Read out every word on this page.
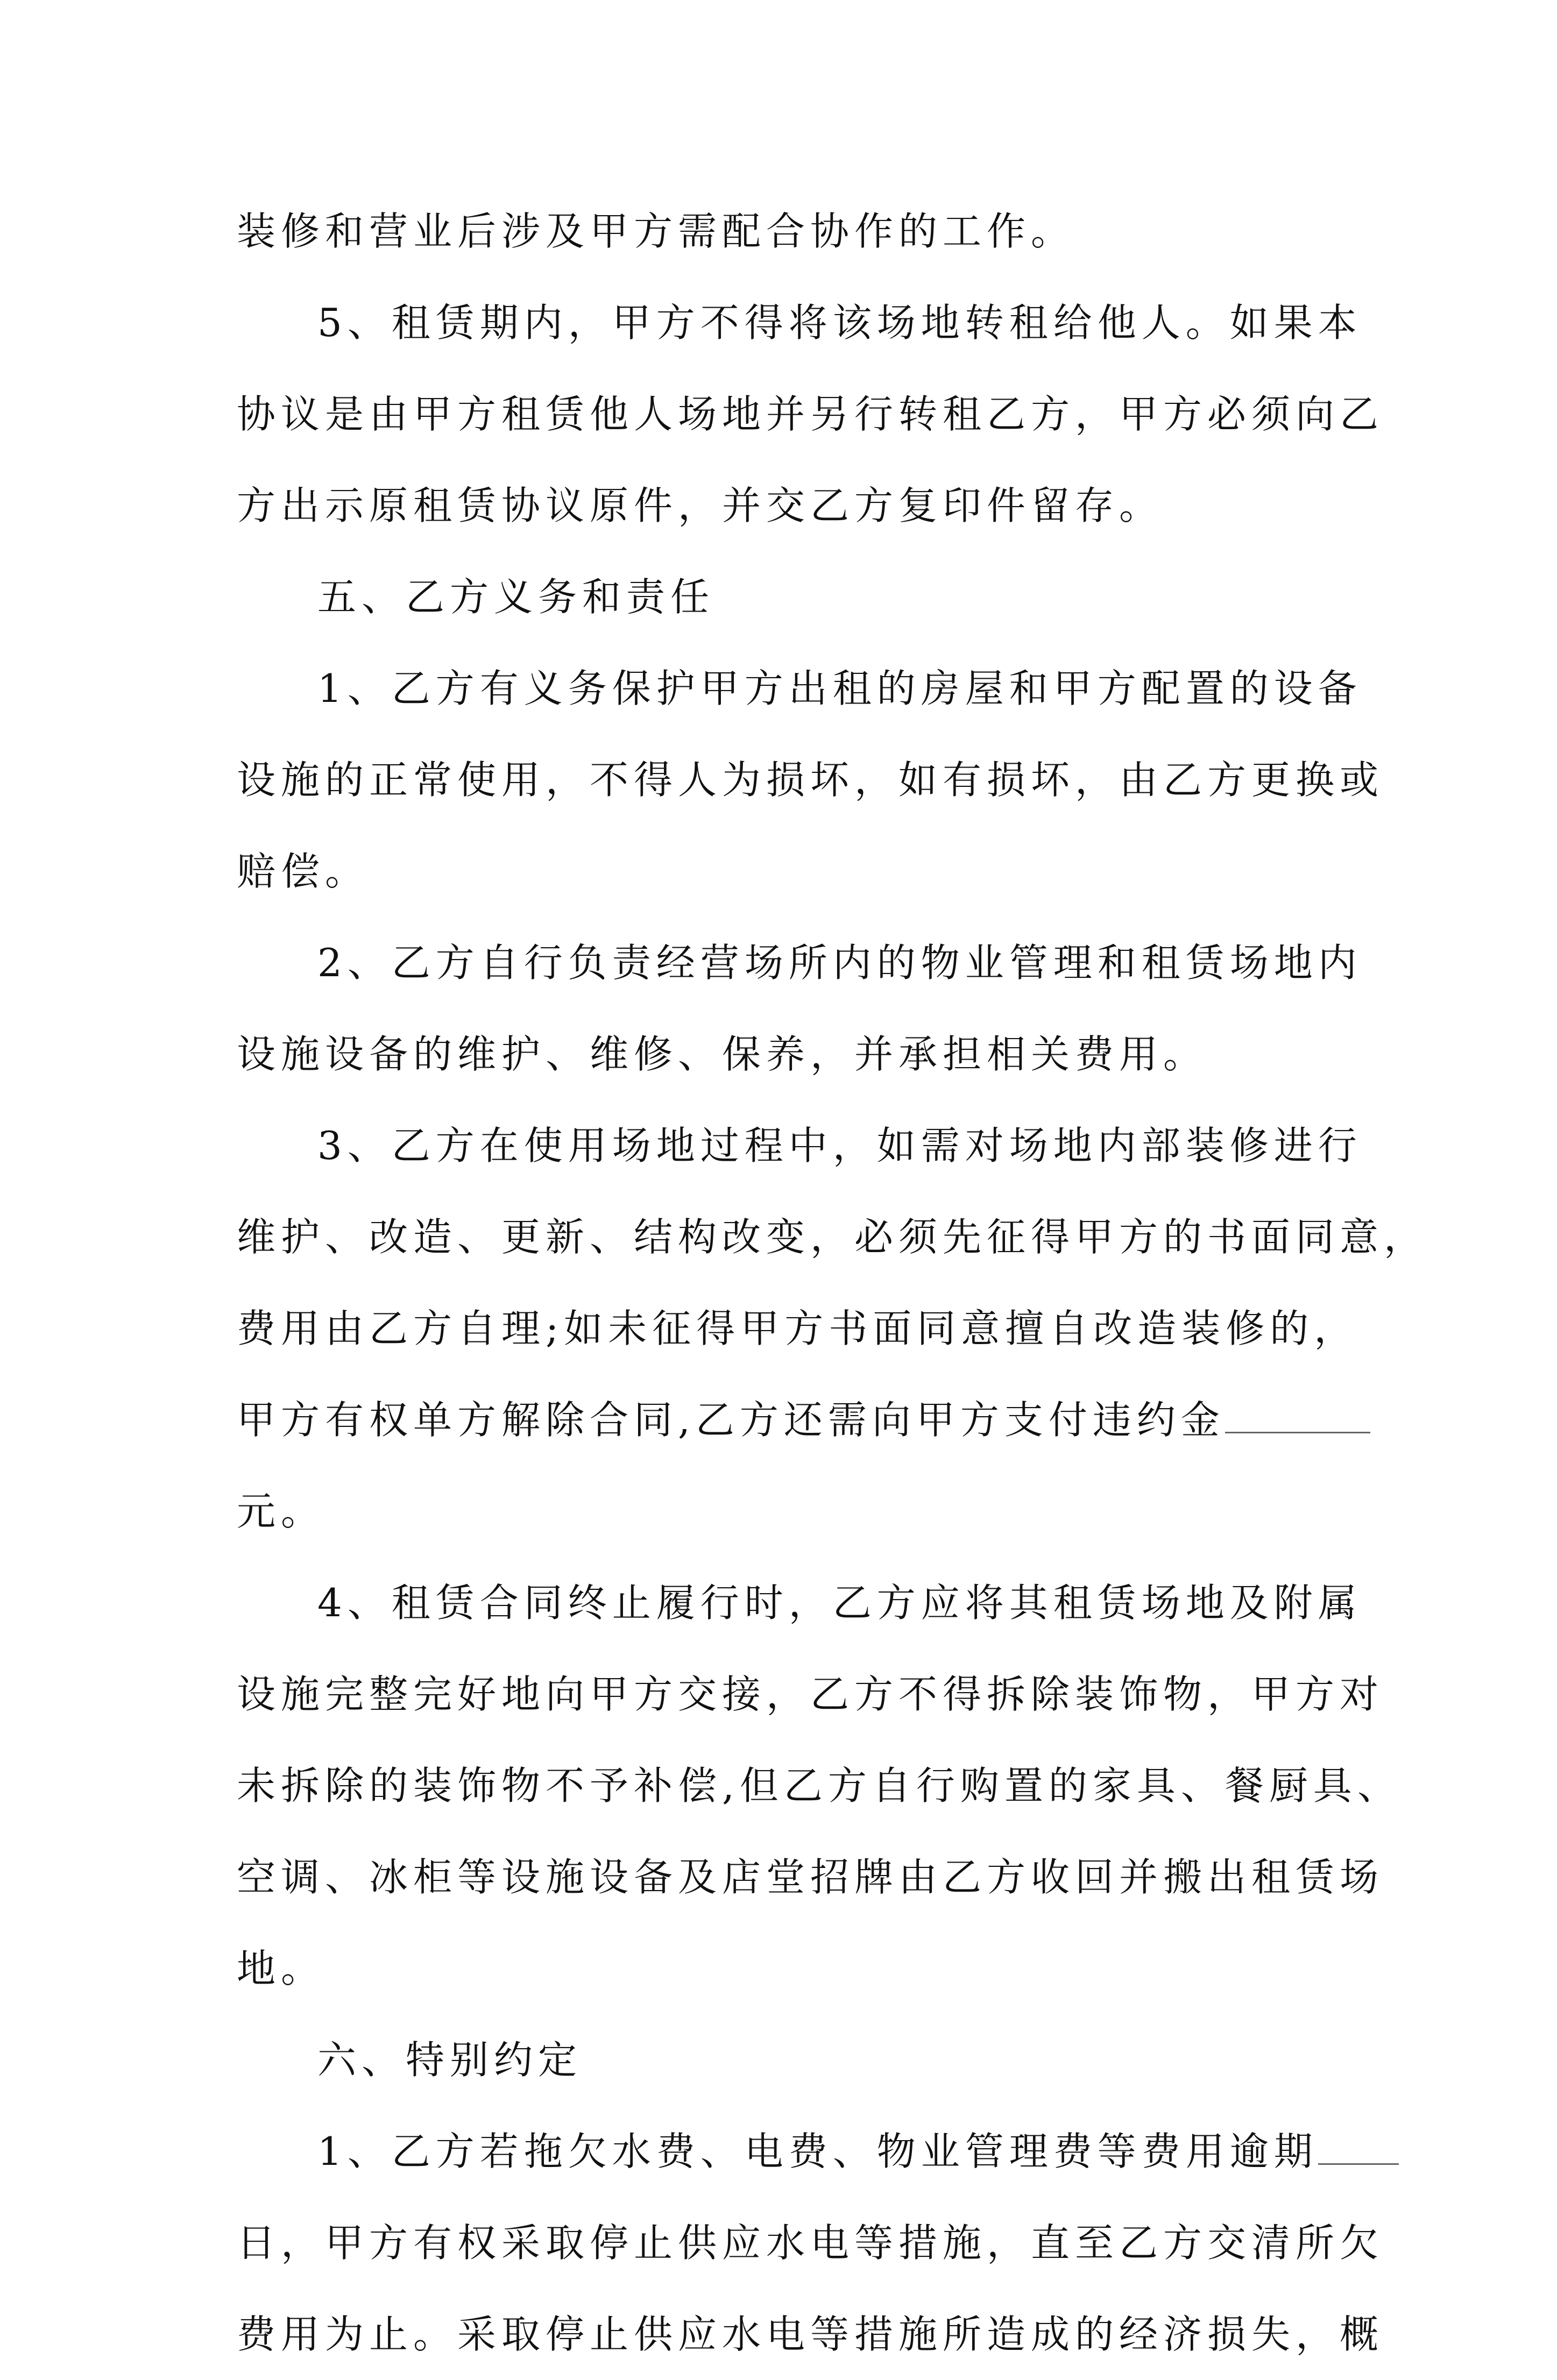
装修和营业后涉及甲方需配合协作的工作。
5、租赁期内，甲方不得将该场地转租给他人。如果本
协议是由甲方租赁他人场地并另行转租乙方，甲方必须向乙
方出示原租赁协议原件，并交乙方复印件留存。
五、乙方义务和责任
1、乙方有义务保护甲方出租的房屋和甲方配置的设备
设施的正常使用，不得人为损坏，如有损坏，由乙方更换或
赔偿。
2、乙方自行负责经营场所内的物业管理和租赁场地内
设施设备的维护、维修、保养，并承担相关费用。
3、乙方在使用场地过程中，如需对场地内部装修进行
维护、改造、更新、结构改变，必须先征得甲方的书面同意，
费用由乙方自理;如未征得甲方书面同意擅自改造装修的，
甲方有权单方解除合同,乙方还需向甲方支付违约金
元。
4、租赁合同终止履行时，乙方应将其租赁场地及附属
设施完整完好地向甲方交接，乙方不得拆除装饰物，甲方对
未拆除的装饰物不予补偿,但乙方自行购置的家具、餐厨具、
空调、冰柜等设施设备及店堂招牌由乙方收回并搬出租赁场
地。
六、特别约定
1、乙方若拖欠水费、电费、物业管理费等费用逾期
日，甲方有权采取停止供应水电等措施，直至乙方交清所欠
费用为止。采取停止供应水电等措施所造成的经济损失，概
